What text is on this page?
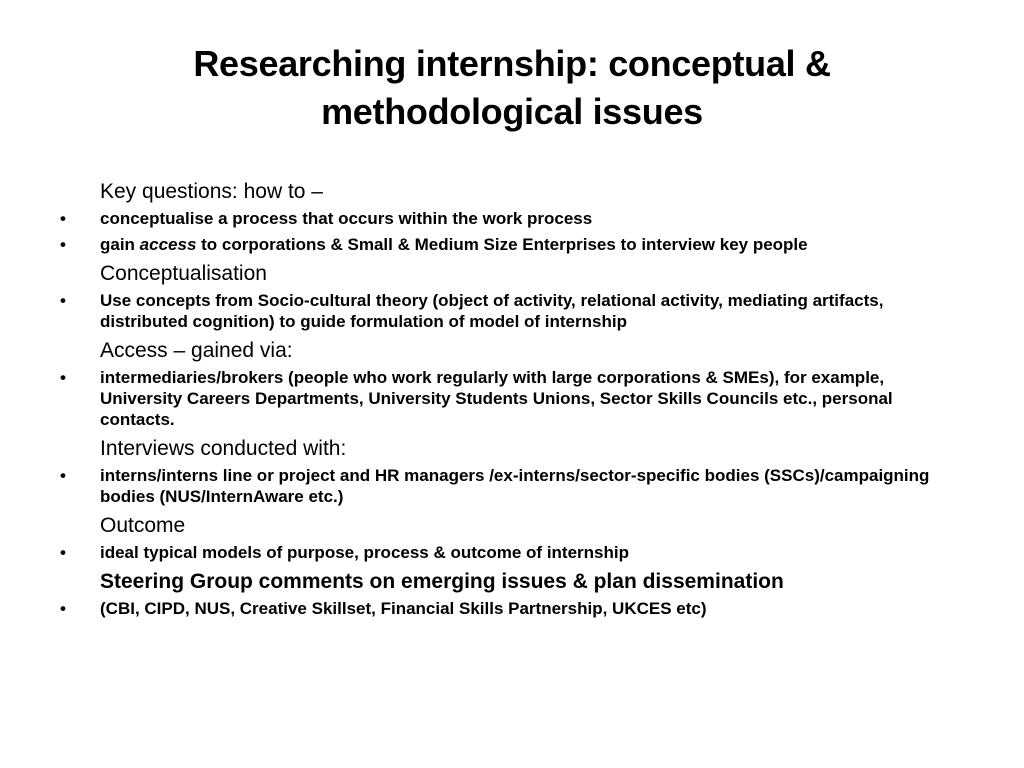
Researching internship: conceptual &
methodological issues
Key questions: how to –
•	conceptualise a process that occurs within the work process
•	gain access to corporations & Small & Medium Size Enterprises to interview key people
Conceptualisation
•	Use concepts from Socio-cultural theory (object of activity, relational activity, mediating artifacts, distributed cognition) to guide formulation of model of internship
Access – gained via:
•	intermediaries/brokers (people who work regularly with large corporations & SMEs), for example, University Careers Departments, University Students Unions, Sector Skills Councils etc., personal contacts.
Interviews conducted with:
•	interns/interns line or project and HR managers /ex-interns/sector-specific bodies (SSCs)/campaigning bodies (NUS/InternAware etc.)
Outcome
•	ideal typical models of purpose, process & outcome of internship
Steering Group comments on emerging issues & plan dissemination
•	(CBI, CIPD, NUS, Creative Skillset, Financial Skills Partnership, UKCES etc)
